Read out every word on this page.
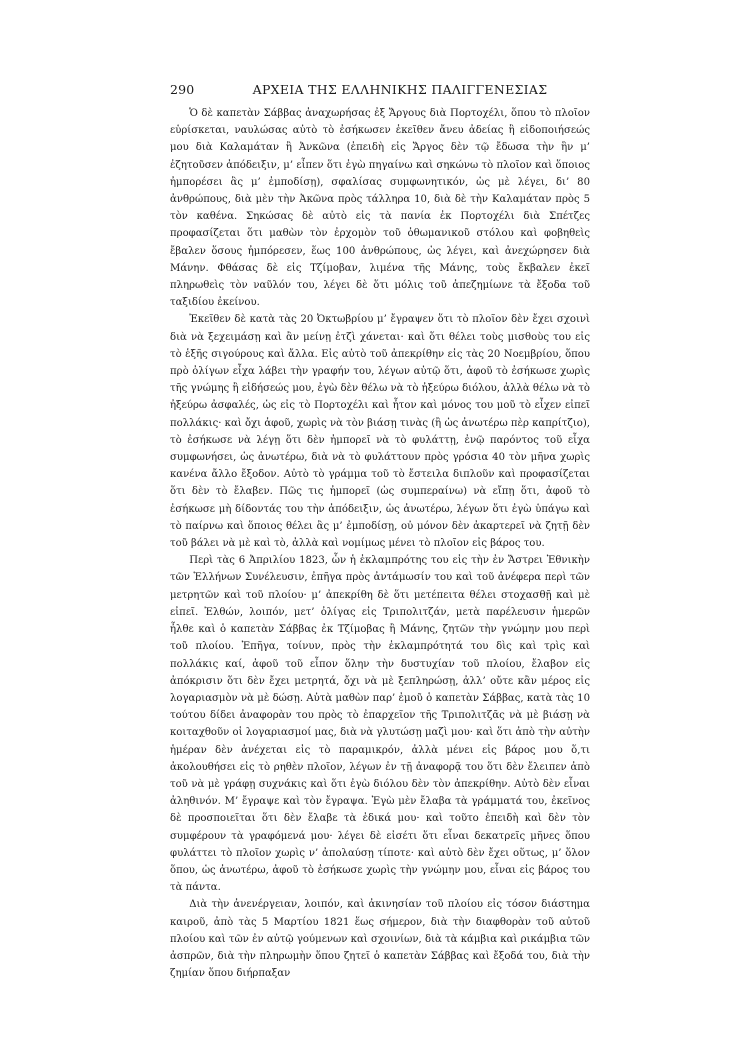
290	ΑΡΧΕΙΑ ΤΗΣ ΕΛΛΗΝΙΚΗΣ ΠΑΛΙΓΓΕΝΕΣΙΑΣ

Ὁ δὲ καπετὰν Σάββας ἀναχωρήσας ἐξ Ἄργους διὰ Πορτοχέλι, ὅπου τὸ πλοῖον εὑρίσκεται, ναυλώσας αὐτὸ τὸ ἐσήκωσεν ἐκεῖθεν ἄνευ ἀδείας ἢ εἰδοποιήσεώς μου διὰ Καλαμάταν ἢ Ἀνκῶνα (ἐπειδὴ εἰς Ἄργος δὲν τῷ ἔδωσα τὴν ἣν μ’ ἐζητοῦσεν ἀπόδειξιν, μ’ εἶπεν ὅτι ἐγὼ πηγαίνω καὶ σηκώνω τὸ πλοῖον καὶ ὅποιος ἠμπορέσει ἂς μ’ ἐμποδίσῃ), σφαλίσας συμφωνητικόν, ὡς μὲ λέγει, δι’ 80 ἀνθρώπους, διὰ μὲν τὴν Ἀκῶνα πρὸς τάλληρα 10, διὰ δὲ τὴν Καλαμάταν πρὸς 5 τὸν καθένα. Σηκώσας δὲ αὐτὸ εἰς τὰ πανία ἐκ Πορτοχέλι διὰ Σπέτζες προφασίζεται ὅτι μαθὼν τὸν ἐρχομὸν τοῦ ὀθωμανικοῦ στόλου καὶ φοβηθεὶς ἔβαλεν ὅσους ἠμπόρεσεν, ἕως 100 ἀνθρώπους, ὡς λέγει, καὶ ἀνεχώρησεν διὰ Μάνην. Φθάσας δὲ εἰς Τζίμοβαν, λιμένα τῆς Μάνης, τοὺς ἔκβαλεν ἐκεῖ πληρωθεὶς τὸν ναῦλόν του, λέγει δὲ ὅτι μόλις τοῦ ἀπεζημίωνε τὰ ἔξοδα τοῦ ταξιδίου ἐκείνου.

Ἐκεῖθεν δὲ κατὰ τὰς 20 Ὀκτωβρίου μ’ ἔγραψεν ὅτι τὸ πλοῖον δὲν ἔχει σχοινὶ διὰ νὰ ξεχειμάσῃ καὶ ἂν μείνῃ ἐτζὶ χάνεται· καὶ ὅτι θέλει τοὺς μισθοὺς του εἰς τὸ ἑξῆς σιγούρους καὶ ἄλλα. Εἰς αὐτὸ τοῦ ἀπεκρίθην εἰς τὰς 20 Νοεμβρίου, ὅπου πρὸ ὀλίγων εἶχα λάβει τὴν γραφήν του, λέγων αὐτῷ ὅτι, ἀφοῦ τὸ ἐσήκωσε χωρὶς τῆς γνώμης ἢ εἰδήσεώς μου, ἐγὼ δὲν θέλω νὰ τὸ ἠξεύρω διόλου, ἀλλὰ θέλω νὰ τὸ ἠξεύρω ἀσφαλές, ὡς εἰς τὸ Πορτοχέλι καὶ ἦτον καὶ μόνος του μοῦ τὸ εἶχεν εἰπεῖ πολλάκις· καὶ ὄχι ἀφοῦ, χωρὶς νὰ τὸν βιάσῃ τινὰς (ἢ ὡς ἀνωτέρω πὲρ καπρίτζιο), τὸ ἐσήκωσε νὰ λέγῃ ὅτι δὲν ἠμπορεῖ νὰ τὸ φυλάττῃ, ἐνῷ παρόντος τοῦ εἶχα συμφωνήσει, ὡς ἀνωτέρω, διὰ νὰ τὸ φυλάττουν πρὸς γρόσια 40 τὸν μῆνα χωρὶς κανένα ἄλλο ἔξοδον. Αὐτὸ τὸ γράμμα τοῦ τὸ ἔστειλα διπλοῦν καὶ προφασίζεται ὅτι δὲν τὸ ἔλαβεν. Πῶς τις ἠμπορεῖ (ὡς συμπεραίνω) νὰ εἴπῃ ὅτι, ἀφοῦ τὸ ἐσήκωσε μὴ δίδοντάς του τὴν ἀπόδειξιν, ὡς ἀνωτέρω, λέγων ὅτι ἐγὼ ὑπάγω καὶ τὸ παίρνω καὶ ὅποιος θέλει ἂς μ’ ἐμποδίσῃ, οὐ μόνον δὲν ἀκαρτερεῖ νὰ ζητῇ δὲν τοῦ βάλει νὰ μὲ καὶ τὸ, ἀλλὰ καὶ νομίμως μένει τὸ πλοῖον εἰς βάρος του.

Περὶ τὰς 6 Ἀπριλίου 1823, ὧν ἡ ἐκλαμπρότης του εἰς τὴν ἐν Ἄστρει Ἐθνικὴν τῶν Ἑλλήνων Συνέλευσιν, ἐπῆγα πρὸς ἀντάμωσίν του καὶ τοῦ ἀνέφερα περὶ τῶν μετρητῶν καὶ τοῦ πλοίου· μ’ ἀπεκρίθη δὲ ὅτι μετέπειτα θέλει στοχασθῇ καὶ μὲ εἰπεῖ. Ἐλθών, λοιπόν, μετ’ ὀλίγας εἰς Τριπολιτζάν, μετὰ παρέλευσιν ἡμερῶν ἦλθε καὶ ὁ καπετὰν Σάββας ἐκ Τζίμοβας ἢ Μάνης, ζητῶν τὴν γνώμην μου περὶ τοῦ πλοίου. Ἐπῆγα, τοίνυν, πρὸς τὴν ἐκλαμπρότητά του δὶς καὶ τρὶς καὶ πολλάκις καί, ἀφοῦ τοῦ εἶπον ὅλην τὴν δυστυχίαν τοῦ πλοίου, ἔλαβον εἰς ἀπόκρισιν ὅτι δὲν ἔχει μετρητά, ὄχι νὰ μὲ ξεπληρώσῃ, ἀλλ’ οὔτε κἂν μέρος εἰς λογαριασμὸν νὰ μὲ δώσῃ. Αὐτὰ μαθὼν παρ’ ἐμοῦ ὁ καπετὰν Σάββας, κατὰ τὰς 10 τούτου δίδει ἀναφορὰν του πρὸς τὸ ἐπαρχεῖον τῆς Τριπολιτζᾶς νὰ μὲ βιάσῃ νὰ κοιταχθοῦν οἱ λογαριασμοί μας, διὰ νὰ γλυτώσῃ μαζὶ μου· καὶ ὅτι ἀπὸ τὴν αὐτὴν ἡμέραν δὲν ἀνέχεται εἰς τὸ παραμικρόν, ἀλλὰ μένει εἰς βάρος μου ὅ,τι ἀκολουθήσει εἰς τὸ ρηθὲν πλοῖον, λέγων ἐν τῇ ἀναφορᾷ του ὅτι δὲν ἔλειπεν ἀπὸ τοῦ νὰ μὲ γράφῃ συχνάκις καὶ ὅτι ἐγὼ διόλου δὲν τὸν ἀπεκρίθην. Αὐτὸ δὲν εἶναι ἀληθινόν. Μ’ ἔγραψε καὶ τὸν ἔγραψα. Ἐγὼ μὲν ἔλαβα τὰ γράμματά του, ἐκεῖνος δὲ προσποιεῖται ὅτι δὲν ἔλαβε τὰ ἐδικά μου· καὶ τοῦτο ἐπειδὴ καὶ δὲν τὸν συμφέρουν τὰ γραφόμενά μου· λέγει δὲ εἰσέτι ὅτι εἶναι δεκατρεῖς μῆνες ὅπου φυλάττει τὸ πλοῖον χωρὶς ν’ ἀπολαύσῃ τίποτε· καὶ αὐτὸ δὲν ἔχει οὕτως, μ’ ὅλον ὅπου, ὡς ἀνωτέρω, ἀφοῦ τὸ ἐσήκωσε χωρὶς τὴν γνώμην μου, εἶναι εἰς βάρος του τὰ πάντα.

Διὰ τὴν ἀνενέργειαν, λοιπόν, καὶ ἀκινησίαν τοῦ πλοίου εἰς τόσον διάστημα καιροῦ, ἀπὸ τὰς 5 Μαρτίου 1821 ἕως σήμερον, διὰ τὴν διαφθορὰν τοῦ αὐτοῦ πλοίου καὶ τῶν ἐν αὐτῷ γούμενων καὶ σχοινίων, διὰ τὰ κάμβια καὶ ρικάμβια τῶν ἀσπρῶν, διὰ τὴν πληρωμὴν ὅπου ζητεῖ ὁ καπετὰν Σάββας καὶ ἔξοδά του, διὰ τὴν ζημίαν ὅπου διήρπαξαν
